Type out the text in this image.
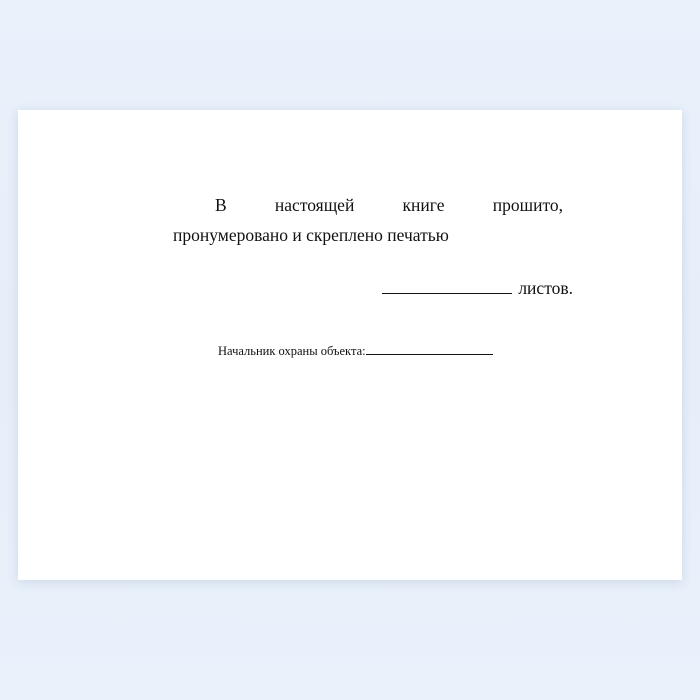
В настоящей книге прошито,
пронумеровано и скреплено печатью
листов.
Начальник охраны объекта:
